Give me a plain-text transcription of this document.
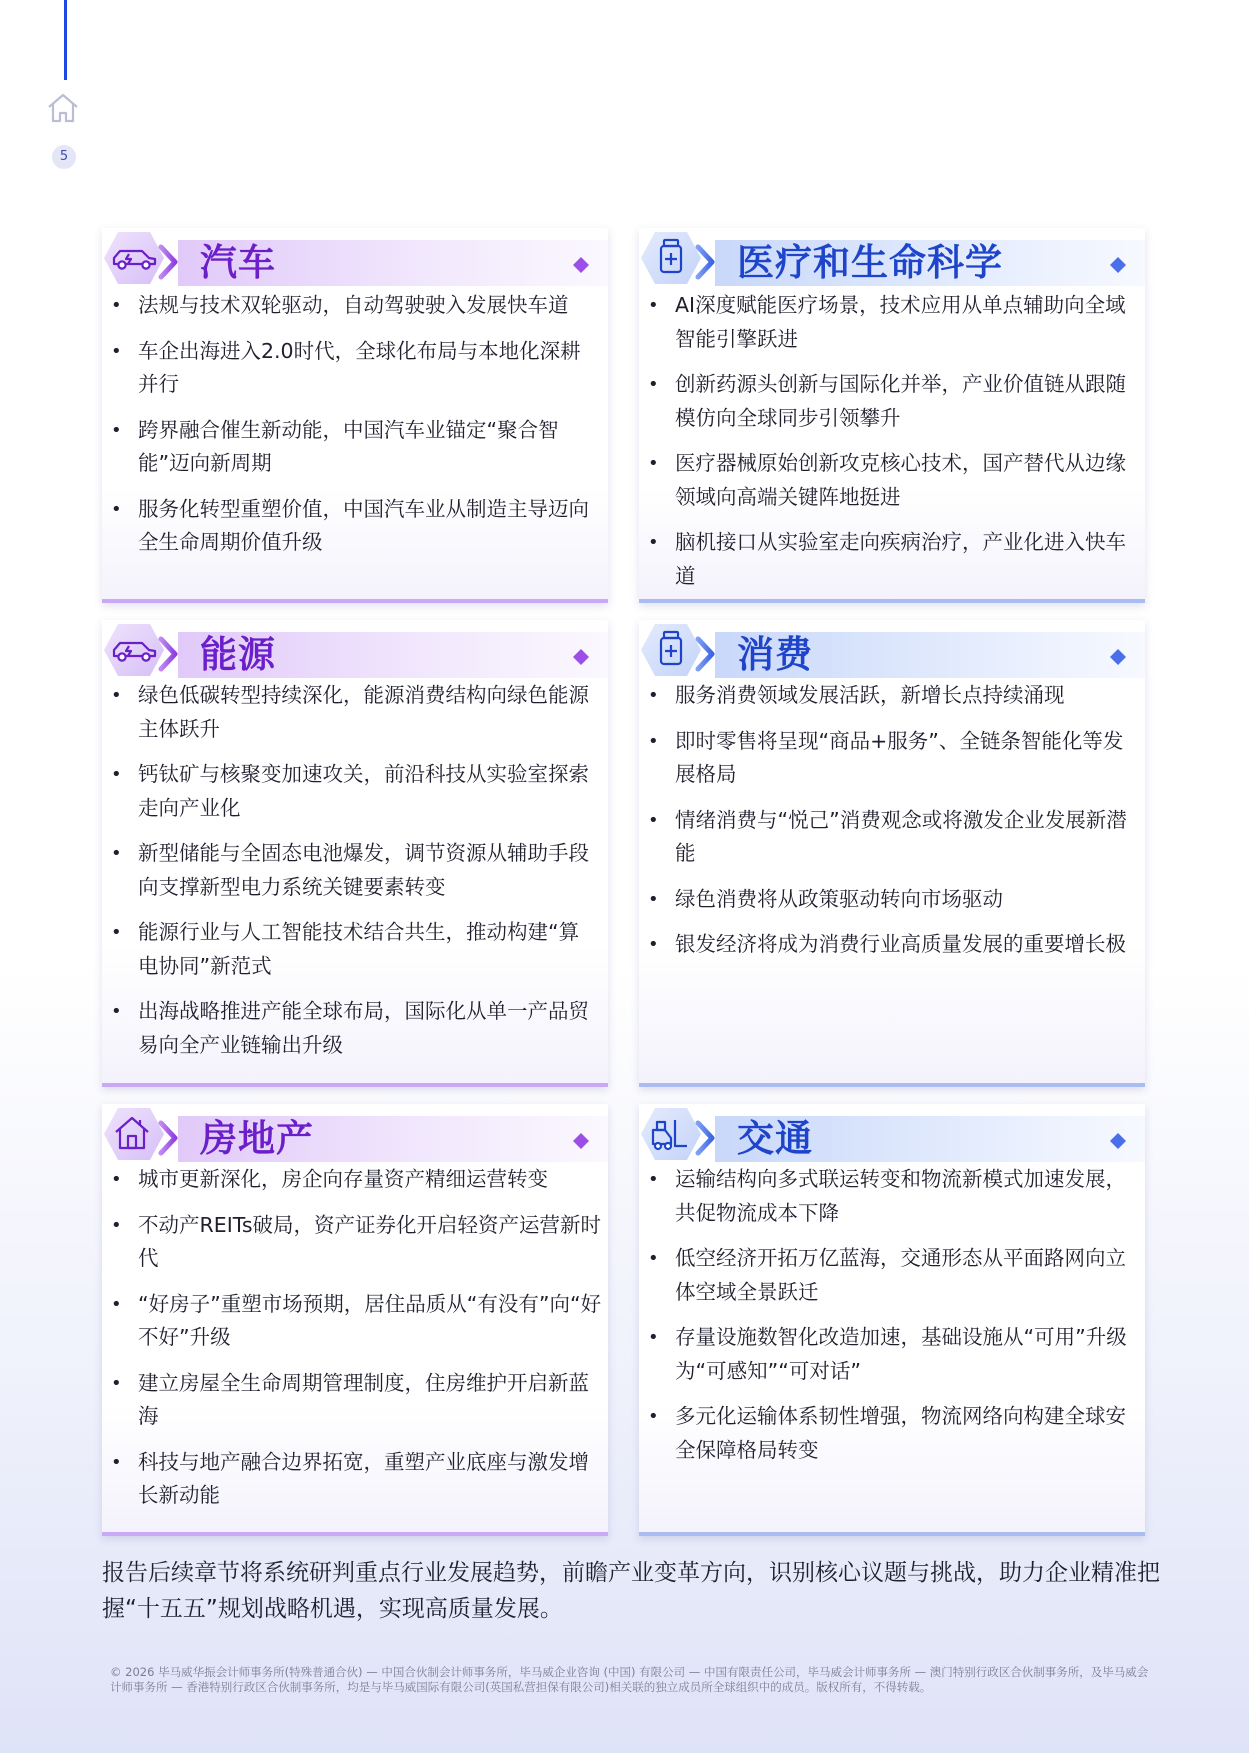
5
汽车
• 法规与技术双轮驱动，自动驾驶驶入发展快车道
• 车企出海进入2.0时代，全球化布局与本地化深耕并行
• 跨界融合催生新动能，中国汽车业锚定“聚合智能”迈向新周期
• 服务化转型重塑价值，中国汽车业从制造主导迈向全生命周期价值升级
医疗和生命科学
• AI深度赋能医疗场景，技术应用从单点辅助向全域智能引擎跃进
• 创新药源头创新与国际化并举，产业价值链从跟随模仿向全球同步引领攀升
• 医疗器械原始创新攻克核心技术，国产替代从边缘领域向高端关键阵地挺进
• 脑机接口从实验室走向疾病治疗，产业化进入快车道
能源
• 绿色低碳转型持续深化，能源消费结构向绿色能源主体跃升
• 钙钛矿与核聚变加速攻关，前沿科技从实验室探索走向产业化
• 新型储能与全固态电池爆发，调节资源从辅助手段向支撑新型电力系统关键要素转变
• 能源行业与人工智能技术结合共生，推动构建“算电协同”新范式
• 出海战略推进产能全球布局，国际化从单一产品贸易向全产业链输出升级
消费
• 服务消费领域发展活跃，新增长点持续涌现
• 即时零售将呈现“商品+服务”、全链条智能化等发展格局
• 情绪消费与“悦己”消费观念或将激发企业发展新潜能
• 绿色消费将从政策驱动转向市场驱动
• 银发经济将成为消费行业高质量发展的重要增长极
房地产
• 城市更新深化，房企向存量资产精细运营转变
• 不动产REITs破局，资产证券化开启轻资产运营新时代
• “好房子”重塑市场预期，居住品质从“有没有”向“好不好”升级
• 建立房屋全生命周期管理制度，住房维护开启新蓝海
• 科技与地产融合边界拓宽，重塑产业底座与激发增长新动能
交通
• 运输结构向多式联运转变和物流新模式加速发展，共促物流成本下降
• 低空经济开拓万亿蓝海，交通形态从平面路网向立体空域全景跃迁
• 存量设施数智化改造加速，基础设施从“可用”升级为“可感知”“可对话”
• 多元化运输体系韧性增强，物流网络向构建全球安全保障格局转变
报告后续章节将系统研判重点行业发展趋势，前瞻产业变革方向，识别核心议题与挑战，助力企业精准把握“十五五”规划战略机遇，实现高质量发展。
© 2026 毕马威华振会计师事务所(特殊普通合伙) — 中国合伙制会计师事务所，毕马威企业咨询 (中国) 有限公司 — 中国有限责任公司，毕马威会计师事务所 — 澳门特别行政区合伙制事务所，及毕马威会计师事务所 — 香港特别行政区合伙制事务所，均是与毕马威国际有限公司(英国私营担保有限公司)相关联的独立成员所全球组织中的成员。版权所有，不得转载。
